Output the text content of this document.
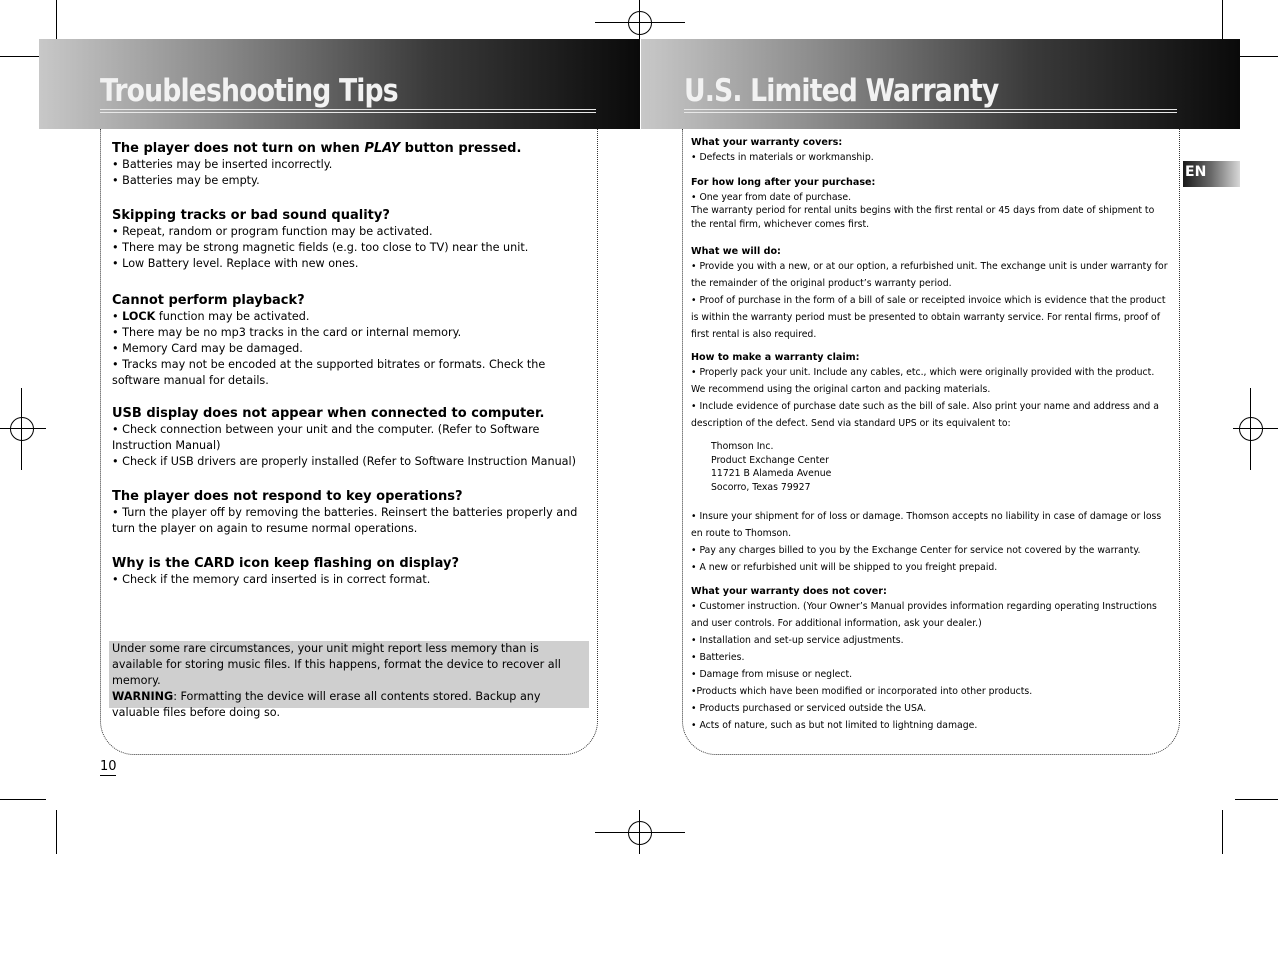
Troubleshooting Tips	U.S. Limited Warranty
EN

The player does not turn on when PLAY button pressed.

• Batteries may be inserted incorrectly.

• Batteries may be empty.

Skipping tracks or bad sound quality?

• Repeat, random or program function may be activated.

• There may be strong magnetic fields (e.g. too close to TV) near the unit.

• Low Battery level. Replace with new ones.

Cannot perform playback?

• LOCK function may be activated.

• There may be no mp3 tracks in the card or internal memory.

• Memory Card may be damaged.

• Tracks may not be encoded at the supported bitrates or formats. Check the software manual for details.

USB display does not appear when connected to computer.

• Check connection between your unit and the computer. (Refer to Software Instruction Manual)

• Check if USB drivers are properly installed (Refer to Software Instruction Manual)

The player does not respond to key operations?

• Turn the player off by removing the batteries. Reinsert the batteries properly and turn the player on again to resume normal operations.

Why is the CARD icon keep flashing on display?

• Check if the memory card inserted is in correct format.

Under some rare circumstances, your unit might report less memory than is available for storing music files. If this happens, format the device to recover all memory.

WARNING: Formatting the device will erase all contents stored. Backup any valuable files before doing so.

10

What your warranty covers:

• Defects in materials or workmanship.

For how long after your purchase:

• One year from date of purchase.

The warranty period for rental units begins with the first rental or 45 days from date of shipment to the rental firm, whichever comes first.

What we will do:

• Provide you with a new, or at our option, a refurbished unit. The exchange unit is under warranty for the remainder of the original product’s warranty period.

• Proof of purchase in the form of a bill of sale or receipted invoice which is evidence that the product is within the warranty period must be presented to obtain warranty service. For rental firms, proof of first rental is also required.

How to make a warranty claim:

• Properly pack your unit. Include any cables, etc., which were originally provided with the product. We recommend using the original carton and packing materials.

• Include evidence of purchase date such as the bill of sale. Also print your name and address and a description of the defect. Send via standard UPS or its equivalent to:

Thomson Inc.

Product Exchange Center

11721 B Alameda Avenue

Socorro, Texas 79927

• Insure your shipment for of loss or damage. Thomson accepts no liability in case of damage or loss en route to Thomson.

• Pay any charges billed to you by the Exchange Center for service not covered by the warranty.

• A new or refurbished unit will be shipped to you freight prepaid.

What your warranty does not cover:

• Customer instruction. (Your Owner’s Manual provides information regarding operating Instructions and user controls. For additional information, ask your dealer.)

• Installation and set-up service adjustments.

• Batteries.

• Damage from misuse or neglect.

•Products which have been modified or incorporated into other products.

• Products purchased or serviced outside the USA.

• Acts of nature, such as but not limited to lightning damage.
